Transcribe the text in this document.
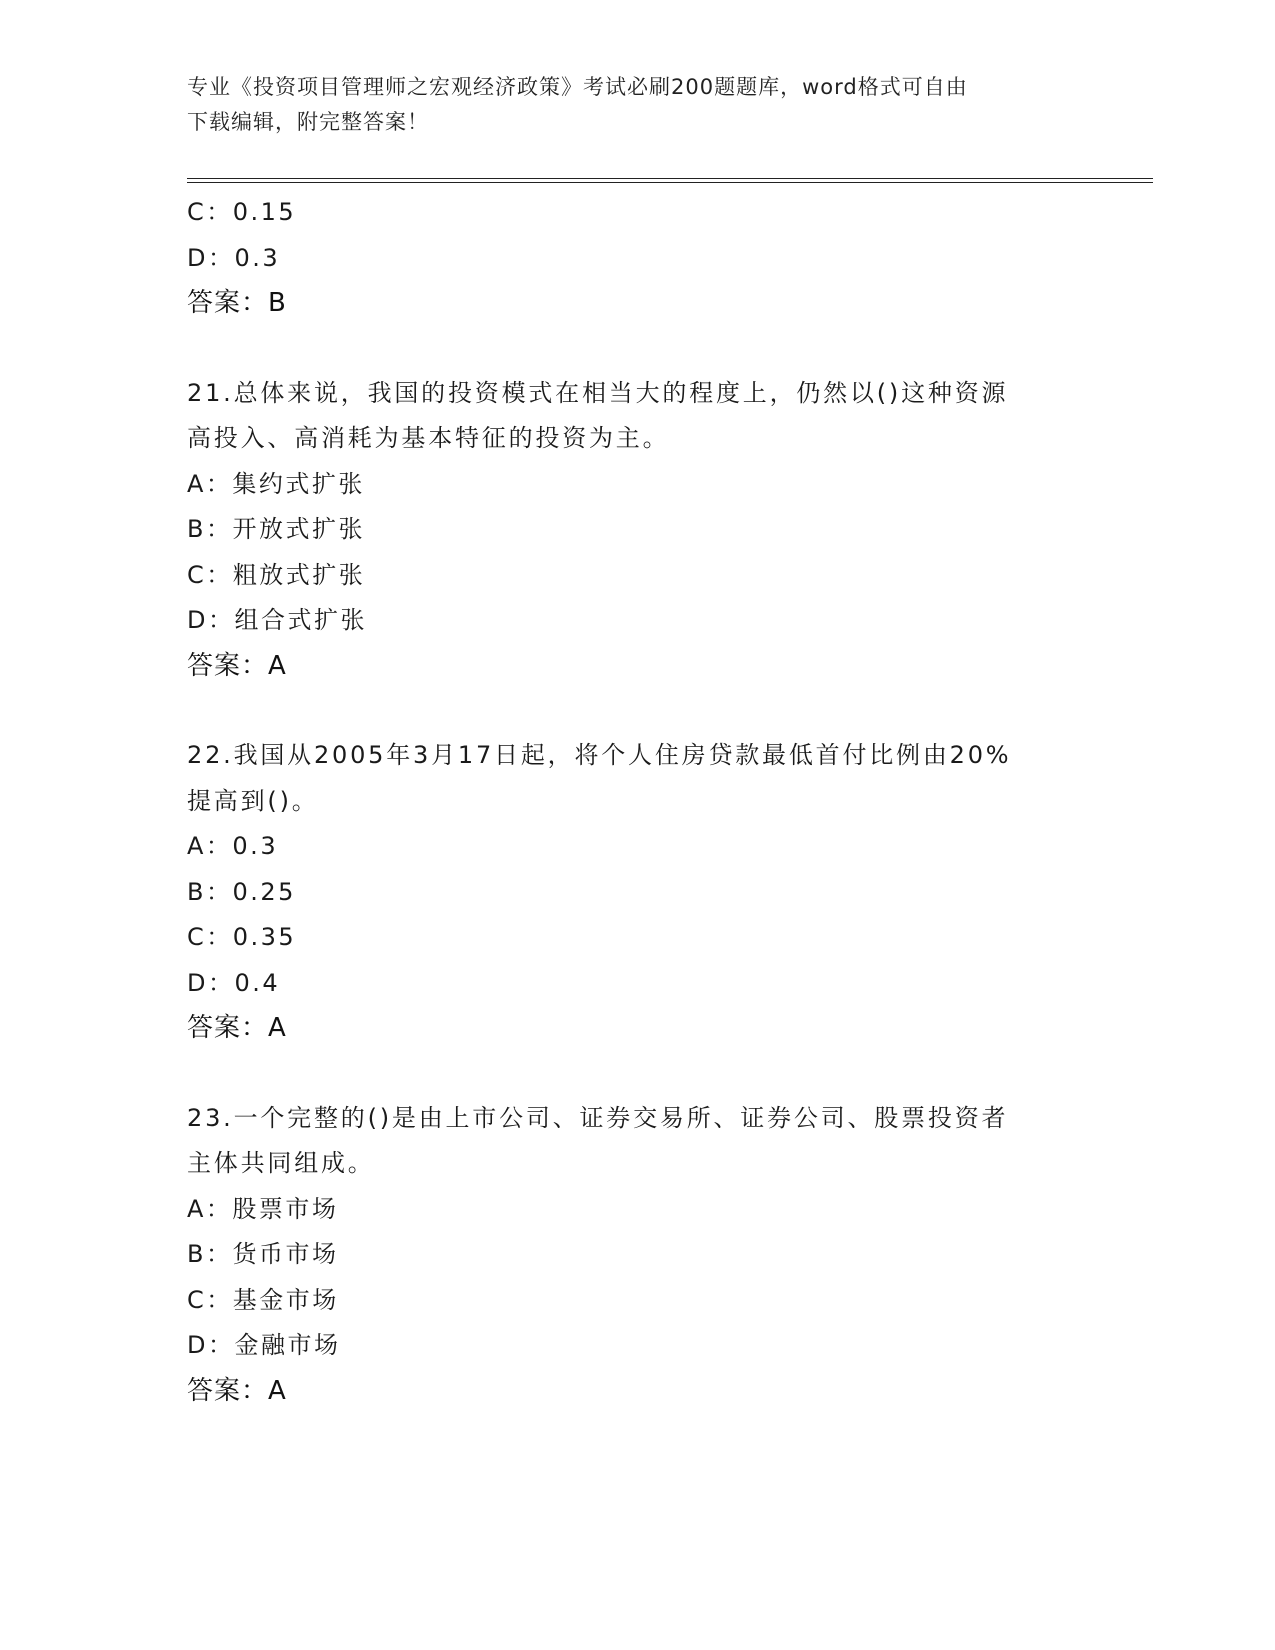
专业《投资项目管理师之宏观经济政策》考试必刷200题题库，word格式可自由
下载编辑，附完整答案！
C：0.15
D：0.3
答案：B
21.总体来说，我国的投资模式在相当大的程度上，仍然以()这种资源
高投入、高消耗为基本特征的投资为主。
A：集约式扩张
B：开放式扩张
C：粗放式扩张
D：组合式扩张
答案：A
22.我国从2005年3月17日起，将个人住房贷款最低首付比例由20%
提高到()。
A：0.3
B：0.25
C：0.35
D：0.4
答案：A
23.一个完整的()是由上市公司、证券交易所、证券公司、股票投资者
主体共同组成。
A：股票市场
B：货币市场
C：基金市场
D：金融市场
答案：A
